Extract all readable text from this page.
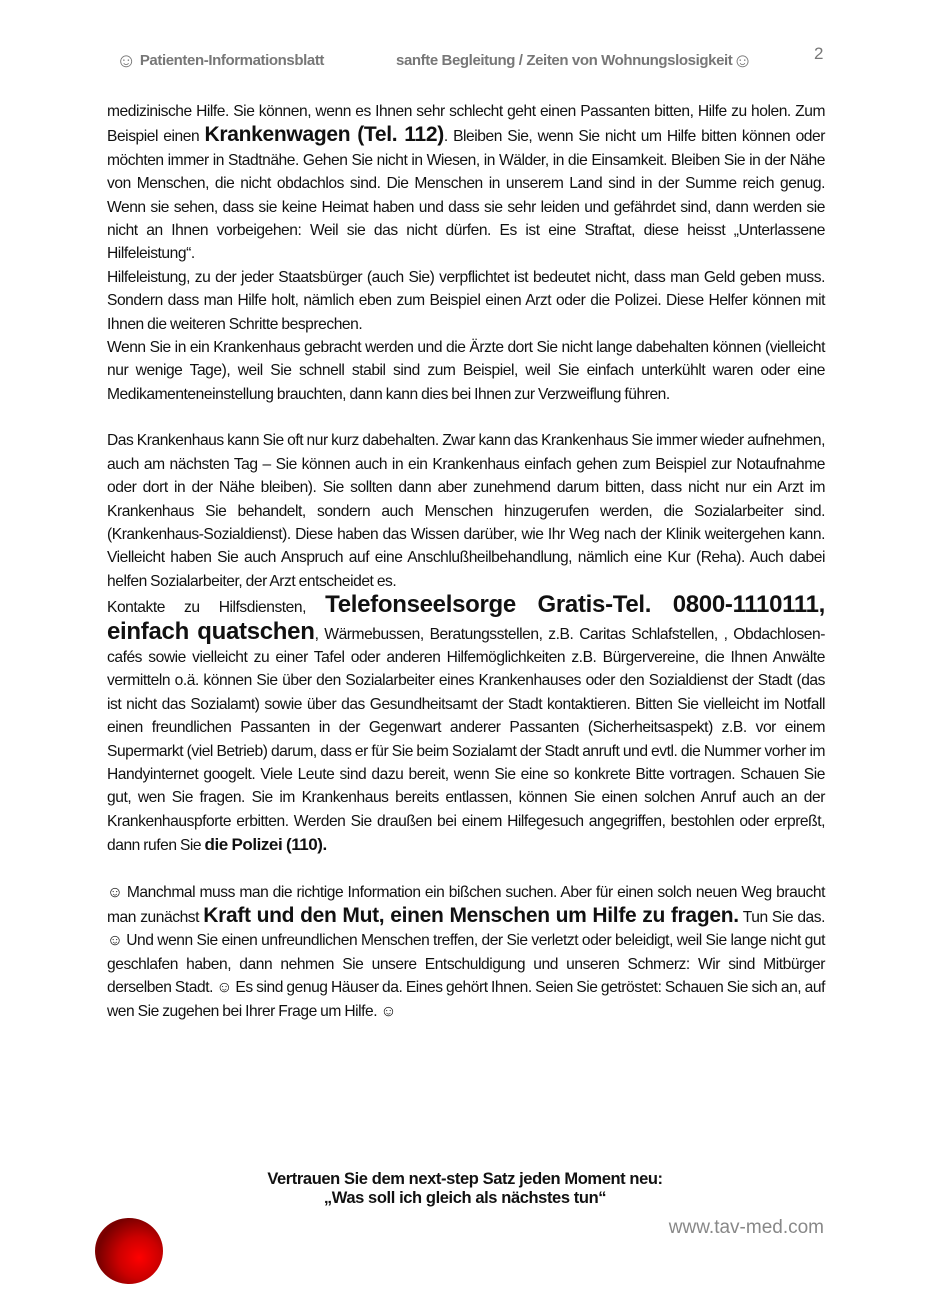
☺ Patienten-Informationsblatt	sanfte Begleitung / Zeiten von Wohnungslosigkeit☺	2

medizinische Hilfe. Sie können, wenn es Ihnen sehr schlecht geht einen Passanten bitten, Hilfe zu holen. Zum Beispiel einen Krankenwagen (Tel. 112). Bleiben Sie, wenn Sie nicht um Hilfe bitten können oder möchten immer in Stadtnähe. Gehen Sie nicht in Wiesen, in Wälder, in die Einsamkeit. Bleiben Sie in der Nähe von Menschen, die nicht obdachlos sind. Die Menschen in unserem Land sind in der Summe reich genug. Wenn sie sehen, dass sie keine Heimat haben und dass sie sehr leiden und gefährdet sind, dann werden sie nicht an Ihnen vorbeigehen: Weil sie das nicht dürfen. Es ist eine Straftat, diese heisst „Unterlassene Hilfeleistung“.

Hilfeleistung, zu der jeder Staatsbürger (auch Sie) verpflichtet ist bedeutet nicht, dass man Geld geben muss. Sondern dass man Hilfe holt, nämlich eben zum Beispiel einen Arzt oder die Polizei. Diese Helfer können mit Ihnen die weiteren Schritte besprechen.

Wenn Sie in ein Krankenhaus gebracht werden und die Ärzte dort Sie nicht lange dabehalten können (vielleicht nur wenige Tage), weil Sie schnell stabil sind zum Beispiel, weil Sie einfach unterkühlt waren oder eine Medikamenteneinstellung brauchten, dann kann dies bei Ihnen zur Verzweiflung führen.

Das Krankenhaus kann Sie oft nur kurz dabehalten. Zwar kann das Krankenhaus Sie immer wieder aufnehmen, auch am nächsten Tag – Sie können auch in ein Krankenhaus einfach gehen zum Beispiel zur Notaufnahme oder dort in der Nähe bleiben). Sie sollten dann aber zunehmend darum bitten, dass nicht nur ein Arzt im Krankenhaus Sie behandelt, sondern auch Menschen hinzugerufen werden, die Sozialarbeiter sind. (Krankenhaus-Sozialdienst). Diese haben das Wissen darüber, wie Ihr Weg nach der Klinik weitergehen kann. Vielleicht haben Sie auch Anspruch auf eine Anschlußheilbehandlung, nämlich eine Kur (Reha). Auch dabei helfen Sozialarbeiter, der Arzt entscheidet es.

Kontakte zu Hilfsdiensten, Telefonseelsorge Gratis-Tel. 0800-1110111, einfach quatschen, Wärmebussen, Beratungsstellen, z.B. Caritas Schlafstellen, , Obdachlosen-cafés sowie vielleicht zu einer Tafel oder anderen Hilfemöglichkeiten z.B. Bürgervereine, die Ihnen Anwälte vermitteln o.ä. können Sie über den Sozialarbeiter eines Krankenhauses oder den Sozialdienst der Stadt (das ist nicht das Sozialamt) sowie über das Gesundheitsamt der Stadt kontaktieren. Bitten Sie vielleicht im Notfall einen freundlichen Passanten in der Gegenwart anderer Passanten (Sicherheitsaspekt) z.B. vor einem Supermarkt (viel Betrieb) darum, dass er für Sie beim Sozialamt der Stadt anruft und evtl. die Nummer vorher im Handyinternet googelt. Viele Leute sind dazu bereit, wenn Sie eine so konkrete Bitte vortragen. Schauen Sie gut, wen Sie fragen. Sie im Krankenhaus bereits entlassen, können Sie einen solchen Anruf auch an der Krankenhauspforte erbitten. Werden Sie draußen bei einem Hilfegesuch angegriffen, bestohlen oder erpreßt, dann rufen Sie die Polizei (110).

☺ Manchmal muss man die richtige Information ein bißchen suchen. Aber für einen solch neuen Weg braucht man zunächst Kraft und den Mut, einen Menschen um Hilfe zu fragen. Tun Sie das. ☺ Und wenn Sie einen unfreundlichen Menschen treffen, der Sie verletzt oder beleidigt, weil Sie lange nicht gut geschlafen haben, dann nehmen Sie unsere Entschuldigung und unseren Schmerz: Wir sind Mitbürger derselben Stadt. ☺ Es sind genug Häuser da. Eines gehört Ihnen. Seien Sie getröstet: Schauen Sie sich an, auf wen Sie zugehen bei Ihrer Frage um Hilfe. ☺

Vertrauen Sie dem next-step Satz jeden Moment neu:
„Was soll ich gleich als nächstes tun“
www.tav-med.com
